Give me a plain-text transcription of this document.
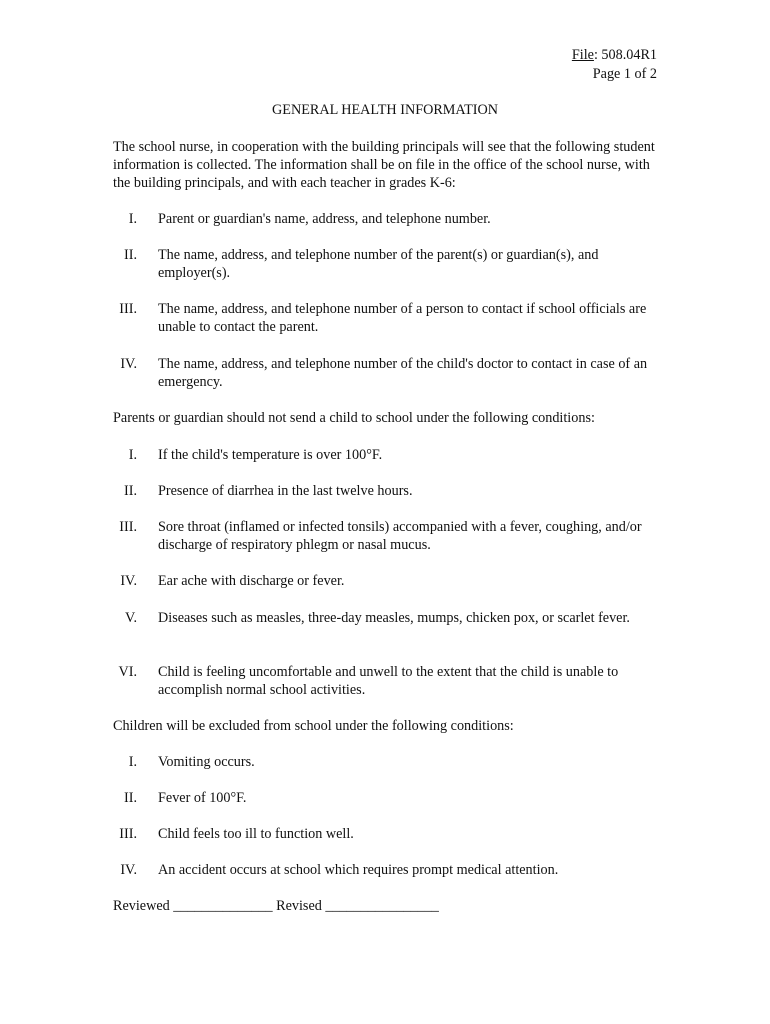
File: 508.04R1
Page 1 of 2
GENERAL HEALTH INFORMATION
The school nurse, in cooperation with the building principals will see that the following student information is collected. The information shall be on file in the office of the school nurse, with the building principals, and with each teacher in grades K-6:
I. Parent or guardian's name, address, and telephone number.
II. The name, address, and telephone number of the parent(s) or guardian(s), and employer(s).
III. The name, address, and telephone number of a person to contact if school officials are unable to contact the parent.
IV. The name, address, and telephone number of the child's doctor to contact in case of an emergency.
Parents or guardian should not send a child to school under the following conditions:
I. If the child's temperature is over 100°F.
II. Presence of diarrhea in the last twelve hours.
III. Sore throat (inflamed or infected tonsils) accompanied with a fever, coughing, and/or discharge of respiratory phlegm or nasal mucus.
IV. Ear ache with discharge or fever.
V. Diseases such as measles, three-day measles, mumps, chicken pox, or scarlet fever.
VI. Child is feeling uncomfortable and unwell to the extent that the child is unable to accomplish normal school activities.
Children will be excluded from school under the following conditions:
I. Vomiting occurs.
II. Fever of 100°F.
III. Child feels too ill to function well.
IV. An accident occurs at school which requires prompt medical attention.
Reviewed ______________ Revised ________________
